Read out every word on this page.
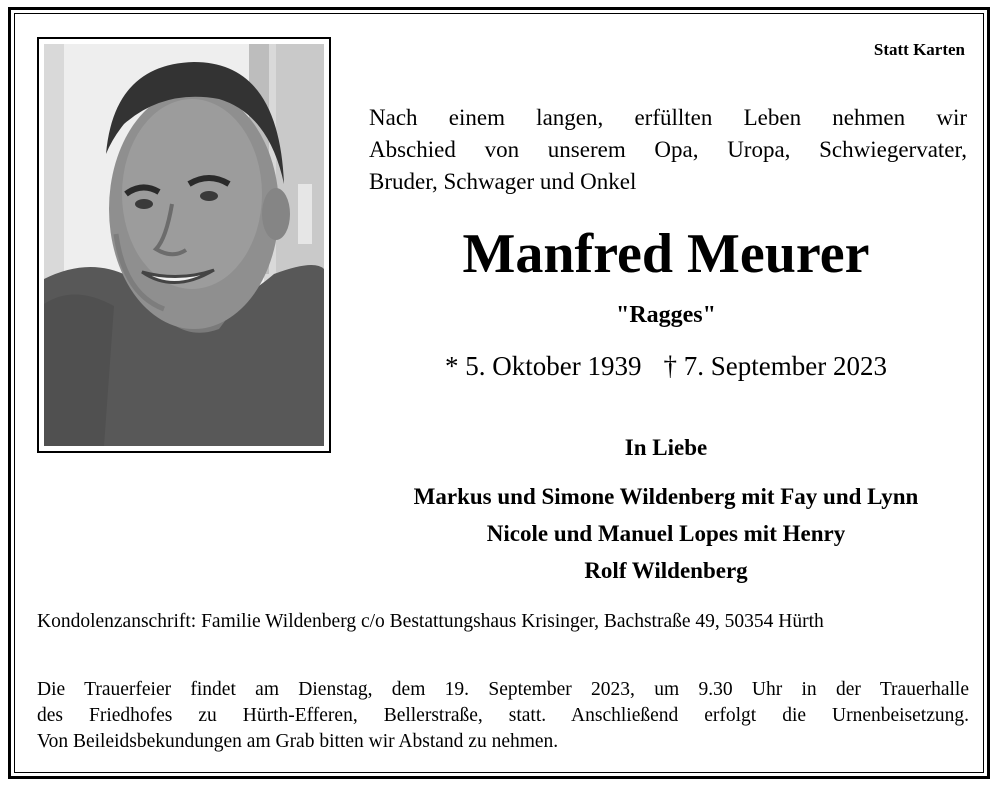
Statt Karten

Nach einem langen, erfüllten Leben nehmen wir
Abschied von unserem Opa, Uropa, Schwiegervater,
Bruder, Schwager und Onkel

Manfred Meurer
"Ragges"
* 5. Oktober 1939 † 7. September 2023
In Liebe
Markus und Simone Wildenberg mit Fay und Lynn
Nicole und Manuel Lopes mit Henry
Rolf Wildenberg
Kondolenzanschrift: Familie Wildenberg c/o Bestattungshaus Krisinger, Bachstraße 49, 50354 Hürth

Die Trauerfeier findet am Dienstag, dem 19. September 2023, um 9.30 Uhr in der Trauerhalle
des Friedhofes zu Hürth-Efferen, Bellerstraße, statt. Anschließend erfolgt die Urnenbeisetzung.
Von Beileidsbekundungen am Grab bitten wir Abstand zu nehmen.
